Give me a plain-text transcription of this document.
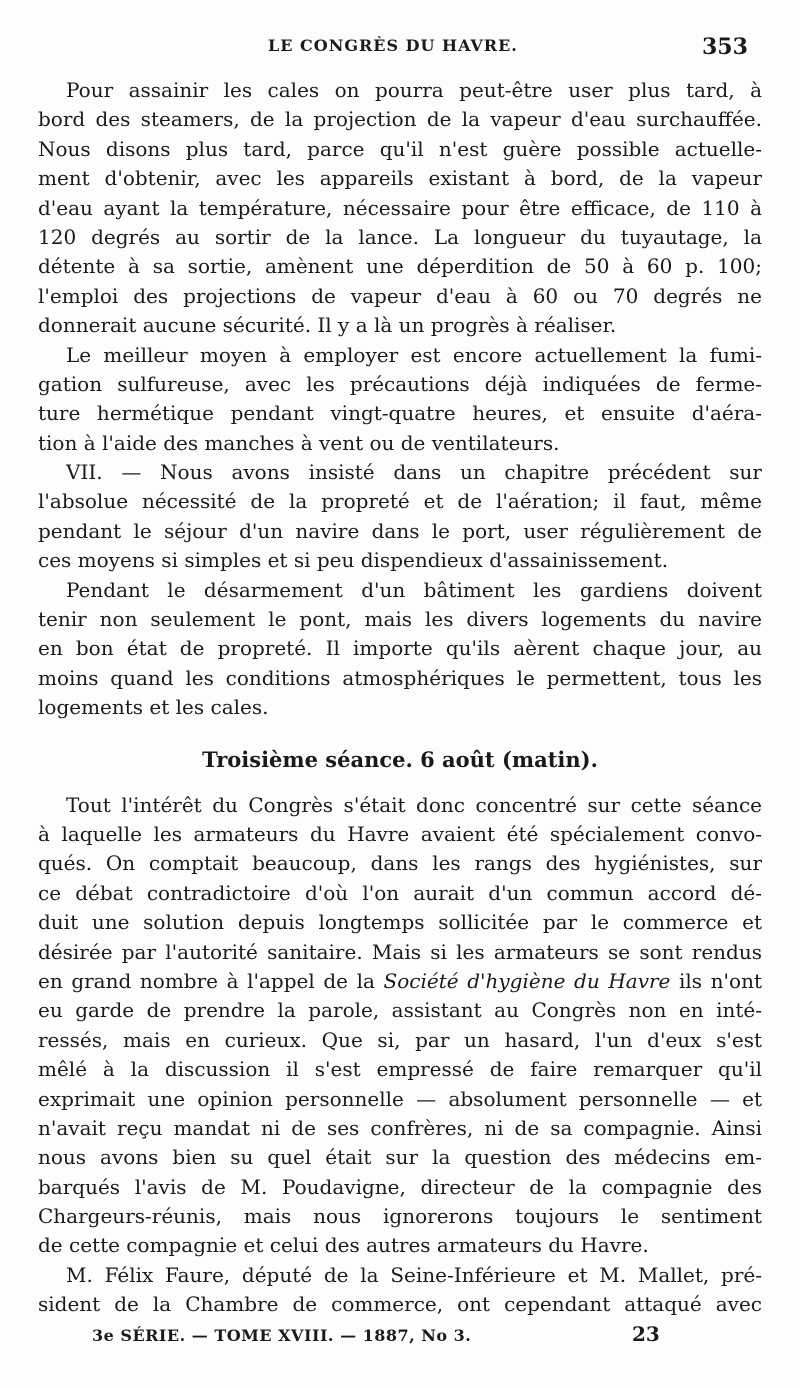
LE CONGRÈS DU HAVRE.	353
Pour assainir les cales on pourra peut-être user plus tard, à
bord des steamers, de la projection de la vapeur d'eau surchauffée.
Nous disons plus tard, parce qu'il n'est guère possible actuelle-
ment d'obtenir, avec les appareils existant à bord, de la vapeur
d'eau ayant la température, nécessaire pour être efficace, de 110 à
120 degrés au sortir de la lance. La longueur du tuyautage, la
détente à sa sortie, amènent une déperdition de 50 à 60 p. 100;
l'emploi des projections de vapeur d'eau à 60 ou 70 degrés ne
donnerait aucune sécurité. Il y a là un progrès à réaliser.
Le meilleur moyen à employer est encore actuellement la fumi-
gation sulfureuse, avec les précautions déjà indiquées de ferme-
ture hermétique pendant vingt-quatre heures, et ensuite d'aéra-
tion à l'aide des manches à vent ou de ventilateurs.
VII. — Nous avons insisté dans un chapitre précédent sur
l'absolue nécessité de la propreté et de l'aération; il faut, même
pendant le séjour d'un navire dans le port, user régulièrement de
ces moyens si simples et si peu dispendieux d'assainissement.
Pendant le désarmement d'un bâtiment les gardiens doivent
tenir non seulement le pont, mais les divers logements du navire
en bon état de propreté. Il importe qu'ils aèrent chaque jour, au
moins quand les conditions atmosphériques le permettent, tous les
logements et les cales.
Troisième séance. 6 août (matin).
Tout l'intérêt du Congrès s'était donc concentré sur cette séance
à laquelle les armateurs du Havre avaient été spécialement convo-
qués. On comptait beaucoup, dans les rangs des hygiénistes, sur
ce débat contradictoire d'où l'on aurait d'un commun accord dé-
duit une solution depuis longtemps sollicitée par le commerce et
désirée par l'autorité sanitaire. Mais si les armateurs se sont rendus
en grand nombre à l'appel de la Société d'hygiène du Havre ils n'ont
eu garde de prendre la parole, assistant au Congrès non en inté-
ressés, mais en curieux. Que si, par un hasard, l'un d'eux s'est
mêlé à la discussion il s'est empressé de faire remarquer qu'il
exprimait une opinion personnelle — absolument personnelle — et
n'avait reçu mandat ni de ses confrères, ni de sa compagnie. Ainsi
nous avons bien su quel était sur la question des médecins em-
barqués l'avis de M. Poudavigne, directeur de la compagnie des
Chargeurs-réunis, mais nous ignorerons toujours le sentiment
de cette compagnie et celui des autres armateurs du Havre.
M. Félix Faure, député de la Seine-Inférieure et M. Mallet, pré-
sident de la Chambre de commerce, ont cependant attaqué avec
3e SÉRIE. — TOME XVIII. — 1887, No 3.	23
